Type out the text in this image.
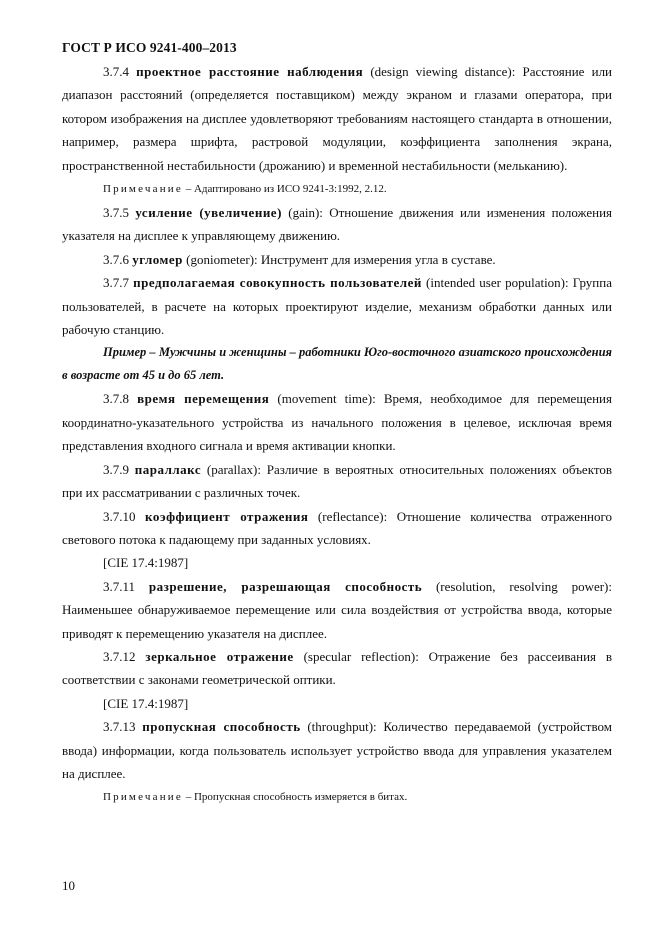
ГОСТ Р ИСО 9241-400–2013

3.7.4 проектное расстояние наблюдения (design viewing distance): Расстояние или диапазон расстояний (определяется поставщиком) между экраном и глазами оператора, при котором изображения на дисплее удовлетворяют требованиям настоящего стандарта в отношении, например, размера шрифта, растровой модуляции, коэффициента заполнения экрана, пространственной нестабильности (дрожанию) и временной нестабильности (мельканию).

Примечание – Адаптировано из ИСО 9241-3:1992, 2.12.

3.7.5 усиление (увеличение) (gain): Отношение движения или изменения положения указателя на дисплее к управляющему движению.

3.7.6 угломер (goniometer): Инструмент для измерения угла в суставе.

3.7.7 предполагаемая совокупность пользователей (intended user population): Группа пользователей, в расчете на которых проектируют изделие, механизм обработки данных или рабочую станцию.

Пример – Мужчины и женщины – работники Юго-восточного азиатского происхождения в возрасте от 45 и до 65 лет.

3.7.8 время перемещения (movement time): Время, необходимое для перемещения координатно-указательного устройства из начального положения в целевое, исключая время представления входного сигнала и время активации кнопки.

3.7.9 параллакс (parallax): Различие в вероятных относительных положениях объектов при их рассматривании с различных точек.

3.7.10 коэффициент отражения (reflectance): Отношение количества отраженного светового потока к падающему при заданных условиях.

[CIE 17.4:1987]

3.7.11 разрешение, разрешающая способность (resolution, resolving power): Наименьшее обнаруживаемое перемещение или сила воздействия от устройства ввода, которые приводят к перемещению указателя на дисплее.

3.7.12 зеркальное отражение (specular reflection): Отражение без рассеивания в соответствии с законами геометрической оптики.

[CIE 17.4:1987]

3.7.13 пропускная способность (throughput): Количество передаваемой (устройством ввода) информации, когда пользователь использует устройство ввода для управления указателем на дисплее.

Примечание – Пропускная способность измеряется в битах.

10
